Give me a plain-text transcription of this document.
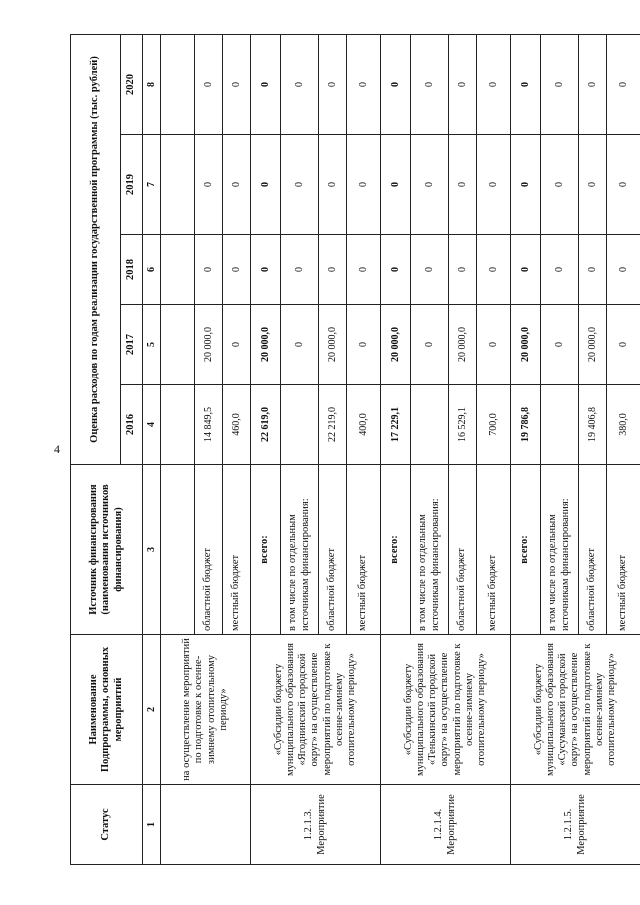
4
Статус	Наименование Подпрограммы, основных мероприятий	Источник финансирования (наименования источников финансирования)	Оценка расходов по годам реализации государственной программы (тыс. рублей)				
			2016	2017	2018	2019	2020
1	2	3	4	5	6	7	8
	на осуществление мероприятий по подготовке к осенне-зимнему отопительному периоду»						
		областной бюджет	14 849,5	20 000,0	0	0	0
		местный бюджет	460,0	0	0	0	0

1.2.1.3. Мероприятие	«Субсидии бюджету муниципального образования «Ягоднинский городской округ» на осуществление мероприятий по подготовке к осенне-зимнему отопительному периоду»	всего:	22 619,0	20 000,0	0	0	0
		в том числе по отдельным источникам финансирования:		0	0	0	0
		областной бюджет	22 219,0	20 000,0	0	0	0
		местный бюджет	400,0	0	0	0	0

1.2.1.4. Мероприятие	«Субсидии бюджету муниципального образования «Тенькинский городской округ» на осуществление мероприятий по подготовке к осенне-зимнему отопительному периоду»	всего:	17 229,1	20 000,0	0	0	0
		в том числе по отдельным источникам финансирования:		0	0	0	0
		областной бюджет	16 529,1	20 000,0	0	0	0
		местный бюджет	700,0	0	0	0	0

1.2.1.5. Мероприятие	«Субсидии бюджету муниципального образования «Сусуманский городской округ» на осуществление мероприятий по подготовке к осенне-зимнему отопительному периоду»	всего:	19 786,8	20 000,0	0	0	0
		в том числе по отдельным источникам финансирования:		0	0	0	0
		областной бюджет	19 406,8	20 000,0	0	0	0
		местный бюджет	380,0	0	0	0	0
